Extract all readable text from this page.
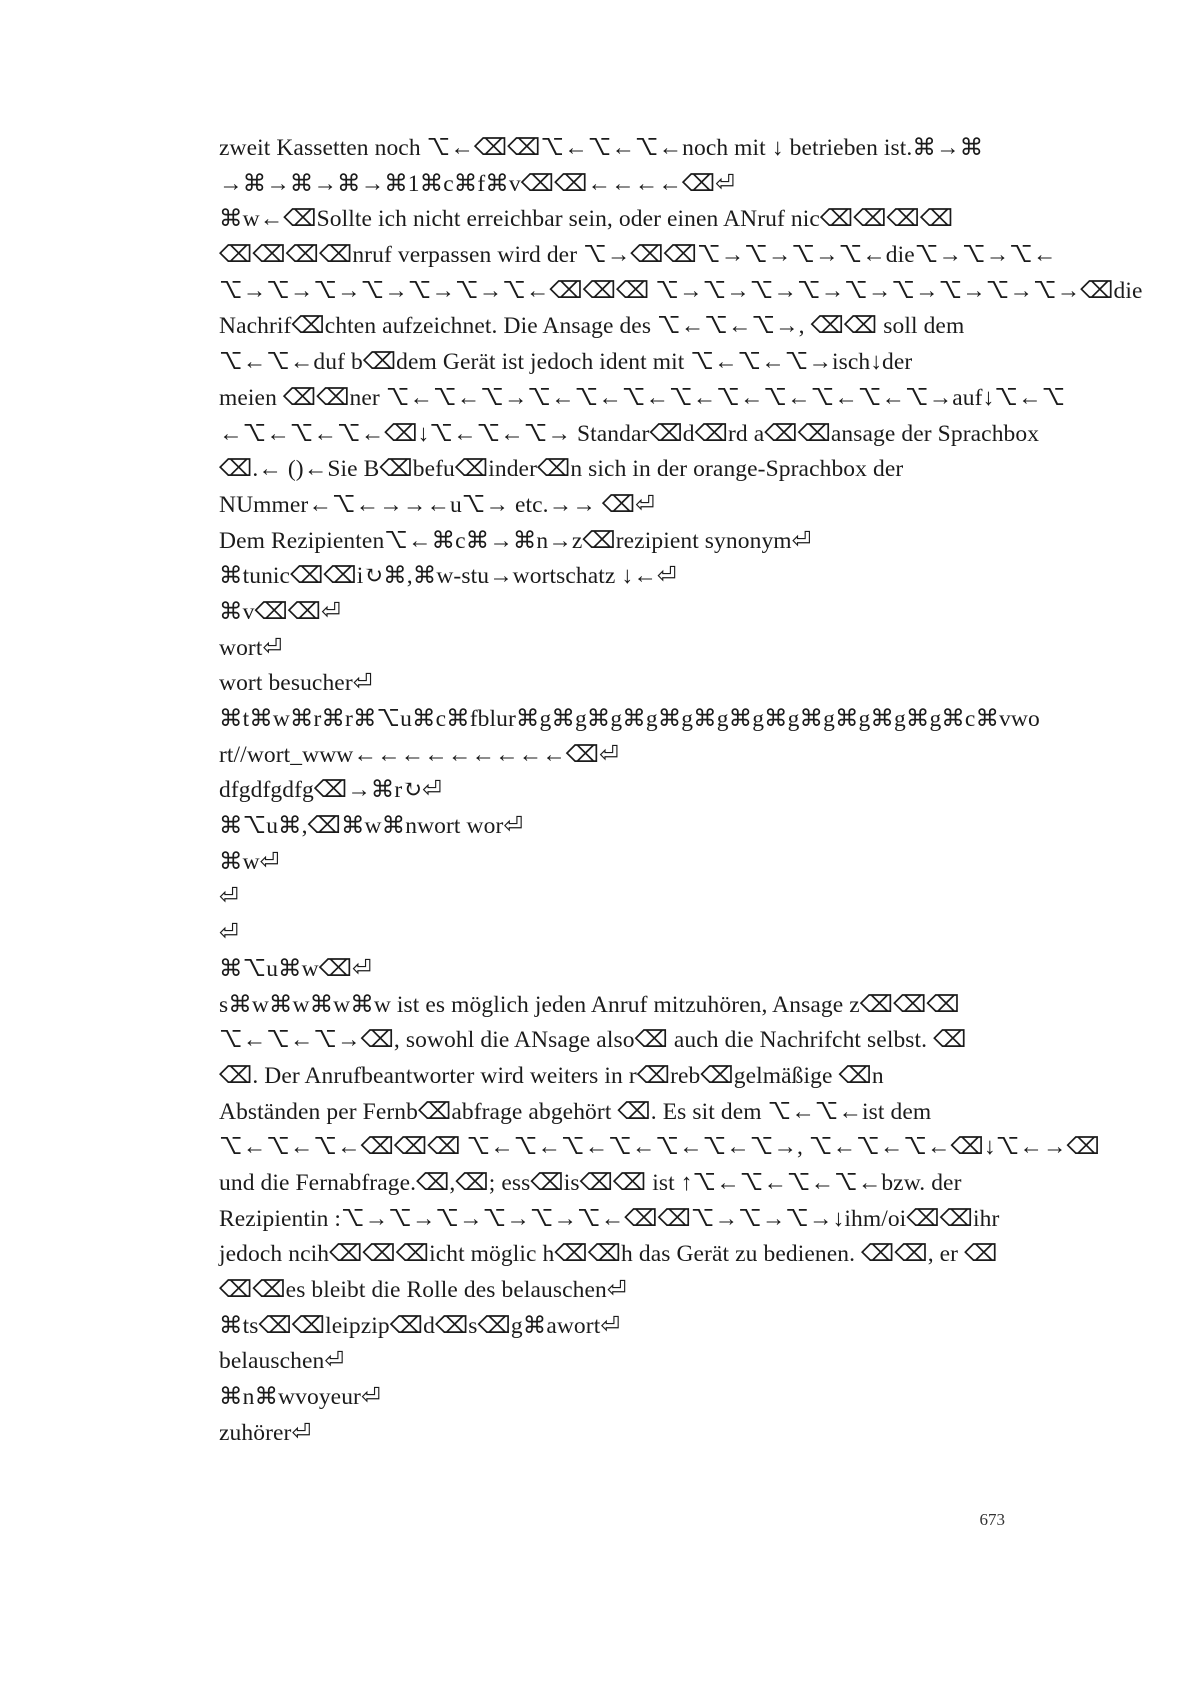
zweit Kassetten noch ⌥←⌫⌫⌥←⌥←⌥←noch mit ↓ betrieben ist.⌘→⌘
→⌘→⌘→⌘→⌘1⌘c⌘f⌘v⌫⌫←←←←⌫⏎
⌘w←⌫Sollte ich nicht erreichbar sein, oder einen ANruf nic⌫⌫⌫⌫
⌫⌫⌫⌫nruf verpassen wird der ⌥→⌫⌫⌥→⌥→⌥→⌥←die⌥→⌥→⌥←
⌥→⌥→⌥→⌥→⌥→⌥→⌥←⌫⌫⌫ ⌥→⌥→⌥→⌥→⌥→⌥→⌥→⌥→⌥→⌫die
Nachrif⌫chten aufzeichnet. Die Ansage des ⌥←⌥←⌥→, ⌫⌫ soll dem
⌥←⌥←duf b⌫dem Gerät ist jedoch ident mit ⌥←⌥←⌥→isch↓der
meien ⌫⌫ner ⌥←⌥←⌥→⌥←⌥←⌥←⌥←⌥←⌥←⌥←⌥←⌥→auf↓⌥←⌥
←⌥←⌥←⌥←⌫↓⌥←⌥←⌥→ Standar⌫d⌫rd a⌫⌫ansage der Sprachbox
⌫.← ()←Sie B⌫befu⌫inder⌫n sich in der orange-Sprachbox der
NUmmer←⌥←→→←u⌥→ etc.→→ ⌫⏎
Dem Rezipienten⌥←⌘c⌘→⌘n→z⌫rezipient synonym⏎
⌘tunic⌫⌫i↻⌘,⌘w-stu→wortschatz ↓←⏎
⌘v⌫⌫⏎
wort⏎
wort besucher⏎
⌘t⌘w⌘r⌘r⌘⌥u⌘c⌘fblur⌘g⌘g⌘g⌘g⌘g⌘g⌘g⌘g⌘g⌘g⌘g⌘g⌘c⌘vwo
rt//wort_www←←←←←←←←←⌫⏎
dfgdfgdfg⌫→⌘r↻⏎
⌘⌥u⌘,⌫⌘w⌘nwort wor⏎
⌘w⏎
⏎
⏎
⌘⌥u⌘w⌫⏎
s⌘w⌘w⌘w⌘w ist es möglich jeden Anruf mitzuhören, Ansage z⌫⌫⌫
⌥←⌥←⌥→⌫, sowohl die ANsage also⌫ auch die Nachrifcht selbst. ⌫
⌫. Der Anrufbeantworter wird weiters in r⌫reb⌫gelmäßige ⌫n
Abständen per Fernb⌫abfrage abgehört ⌫. Es sit dem ⌥←⌥←ist dem
⌥←⌥←⌥←⌫⌫⌫ ⌥←⌥←⌥←⌥←⌥←⌥←⌥→, ⌥←⌥←⌥←⌫↓⌥←→⌫
und die Fernabfrage.⌫,⌫; ess⌫is⌫⌫ ist ↑⌥←⌥←⌥←⌥←bzw. der
Rezipientin :⌥→⌥→⌥→⌥→⌥→⌥←⌫⌫⌥→⌥→⌥→↓ihm/oi⌫⌫ihr
jedoch ncih⌫⌫⌫icht möglic h⌫⌫h das Gerät zu bedienen. ⌫⌫, er ⌫
⌫⌫es bleibt die Rolle des belauschen⏎
⌘ts⌫⌫leipzip⌫d⌫s⌫g⌘awort⏎
belauschen⏎
⌘n⌘wvoyeur⏎
zuhörer⏎
673
